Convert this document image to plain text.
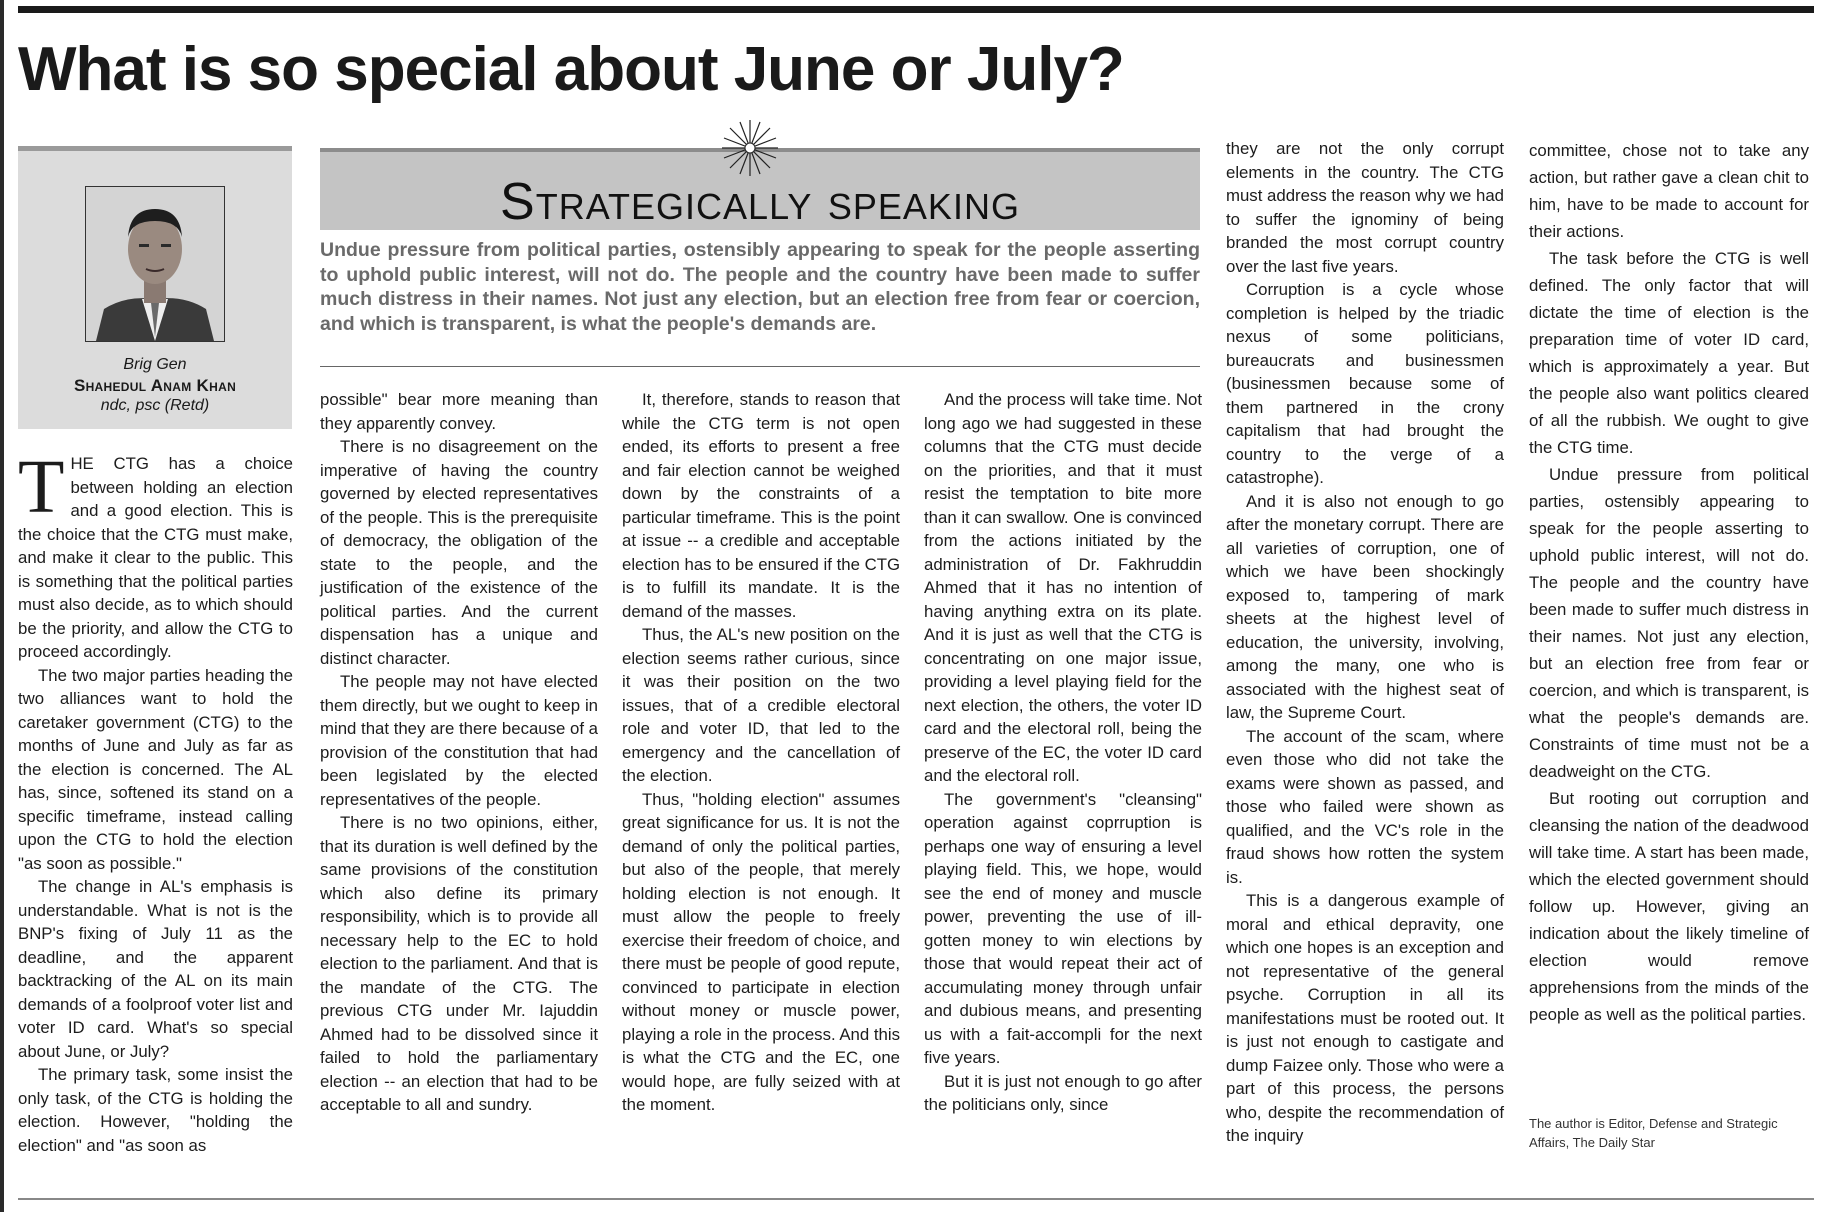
What is so special about June or July?
Brig Gen
Shahedul Anam Khan
ndc, psc (Retd)
Strategically speaking

Undue pressure from political parties, ostensibly appearing to speak for the people asserting to uphold public interest, will not do. The people and the country have been made to suffer much distress in their names. Not just any election, but an election free from fear or coercion, and which is transparent, is what the people's demands are.

THE CTG has a choice between holding an election and a good election. This is the choice that the CTG must make, and make it clear to the public. This is something that the political parties must also decide, as to which should be the priority, and allow the CTG to proceed accordingly.

The two major parties heading the two alliances want to hold the caretaker government (CTG) to the months of June and July as far as the election is concerned. The AL has, since, softened its stand on a specific timeframe, instead calling upon the CTG to hold the election "as soon as possible."

The change in AL's emphasis is understandable. What is not is the BNP's fixing of July 11 as the deadline, and the apparent backtracking of the AL on its main demands of a foolproof voter list and voter ID card. What's so special about June, or July?

The primary task, some insist the only task, of the CTG is holding the election. However, "holding the election" and "as soon as

possible" bear more meaning than they apparently convey.

There is no disagreement on the imperative of having the country governed by elected representatives of the people. This is the prerequisite of democracy, the obligation of the state to the people, and the justification of the existence of the political parties. And the current dispensation has a unique and distinct character.

The people may not have elected them directly, but we ought to keep in mind that they are there because of a provision of the constitution that had been legislated by the elected representatives of the people.

There is no two opinions, either, that its duration is well defined by the same provisions of the constitution which also define its primary responsibility, which is to provide all necessary help to the EC to hold election to the parliament. And that is the mandate of the CTG. The previous CTG under Mr. Iajuddin Ahmed had to be dissolved since it failed to hold the parliamentary election -- an election that had to be acceptable to all and sundry.

It, therefore, stands to reason that while the CTG term is not open ended, its efforts to present a free and fair election cannot be weighed down by the constraints of a particular timeframe. This is the point at issue -- a credible and acceptable election has to be ensured if the CTG is to fulfill its mandate. It is the demand of the masses.

Thus, the AL's new position on the election seems rather curious, since it was their position on the two issues, that of a credible electoral role and voter ID, that led to the emergency and the cancellation of the election.

Thus, "holding election" assumes great significance for us. It is not the demand of only the political parties, but also of the people, that merely holding election is not enough. It must allow the people to freely exercise their freedom of choice, and there must be people of good repute, convinced to participate in election without money or muscle power, playing a role in the process. And this is what the CTG and the EC, one would hope, are fully seized with at the moment.

And the process will take time. Not long ago we had suggested in these columns that the CTG must decide on the priorities, and that it must resist the temptation to bite more than it can swallow. One is convinced from the actions initiated by the administration of Dr. Fakhruddin Ahmed that it has no intention of having anything extra on its plate. And it is just as well that the CTG is concentrating on one major issue, providing a level playing field for the next election, the others, the voter ID card and the electoral roll, being the preserve of the EC, the voter ID card and the electoral roll.

The government's "cleansing" operation against coprruption is perhaps one way of ensuring a level playing field. This, we hope, would see the end of money and muscle power, preventing the use of ill-gotten money to win elections by those that would repeat their act of accumulating money through unfair and dubious means, and presenting us with a fait-accompli for the next five years.

But it is just not enough to go after the politicians only, since

they are not the only corrupt elements in the country. The CTG must address the reason why we had to suffer the ignominy of being branded the most corrupt country over the last five years.

Corruption is a cycle whose completion is helped by the triadic nexus of some politicians, bureaucrats and businessmen (businessmen because some of them partnered in the crony capitalism that had brought the country to the verge of a catastrophe).

And it is also not enough to go after the monetary corrupt. There are all varieties of corruption, one of which we have been shockingly exposed to, tampering of mark sheets at the highest level of education, the university, involving, among the many, one who is associated with the highest seat of law, the Supreme Court.

The account of the scam, where even those who did not take the exams were shown as passed, and those who failed were shown as qualified, and the VC's role in the fraud shows how rotten the system is.

This is a dangerous example of moral and ethical depravity, one which one hopes is an exception and not representative of the general psyche. Corruption in all its manifestations must be rooted out. It is just not enough to castigate and dump Faizee only. Those who were a part of this process, the persons who, despite the recommendation of the inquiry

committee, chose not to take any action, but rather gave a clean chit to him, have to be made to account for their actions.

The task before the CTG is well defined. The only factor that will dictate the time of election is the preparation time of voter ID card, which is approximately a year. But the people also want politics cleared of all the rubbish. We ought to give the CTG time.

Undue pressure from political parties, ostensibly appearing to speak for the people asserting to uphold public interest, will not do. The people and the country have been made to suffer much distress in their names. Not just any election, but an election free from fear or coercion, and which is transparent, is what the people's demands are. Constraints of time must not be a deadweight on the CTG.

But rooting out corruption and cleansing the nation of the deadwood will take time. A start has been made, which the elected government should follow up. However, giving an indication about the likely timeline of election would remove apprehensions from the minds of the people as well as the political parties.

The author is Editor, Defense and Strategic Affairs, The Daily Star
